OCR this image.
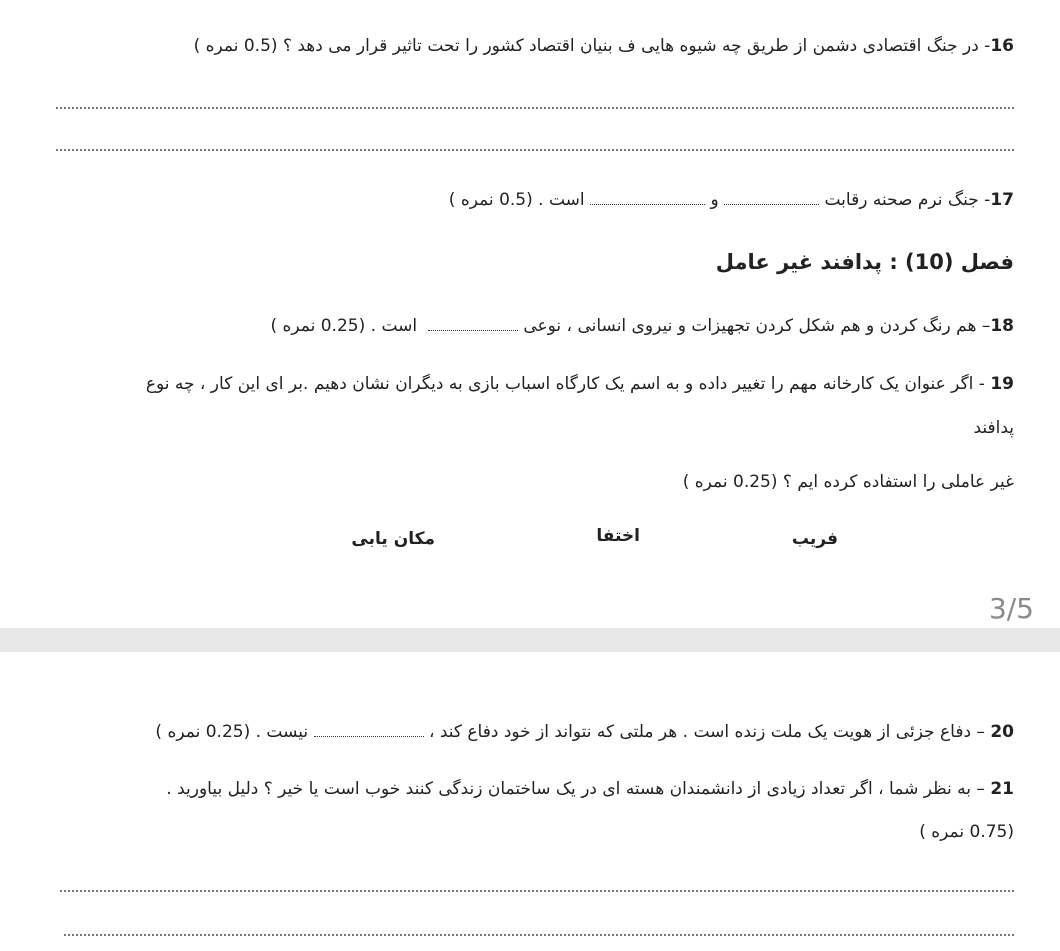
16- در جنگ اقتصادی دشمن از طریق چه شیوه هایی ف بنیان اقتصاد کشور را تحت تاثیر قرار می دهد ؟ (0.5 نمره )
17- جنگ نرم صحنه رقابت  و  است . (0.5 نمره )
فصل (10) : پدافند غیر عامل
18– هم رنگ کردن و هم شکل کردن تجهیزات و نیروی انسانی ، نوعی   است . (0.25 نمره )
19 - اگر عنوان یک کارخانه مهم را تغییر داده و به اسم یک کارگاه اسباب بازی به دیگران نشان دهیم .بر ای این کار ، چه نوع
پدافند
غیر عاملی را استفاده کرده ایم ؟ (0.25 نمره )
فریب
اختفا
مکان یابی
3/5
20 – دفاع جزئی از هویت یک ملت زنده است . هر ملتی که نتواند از خود دفاع کند ،  نیست . (0.25 نمره )
21 – به نظر شما ، اگر تعداد زیادی از دانشمندان هسته ای در یک ساختمان زندگی کنند خوب است یا خیر ؟ دلیل بیاورید .
(0.75 نمره )
